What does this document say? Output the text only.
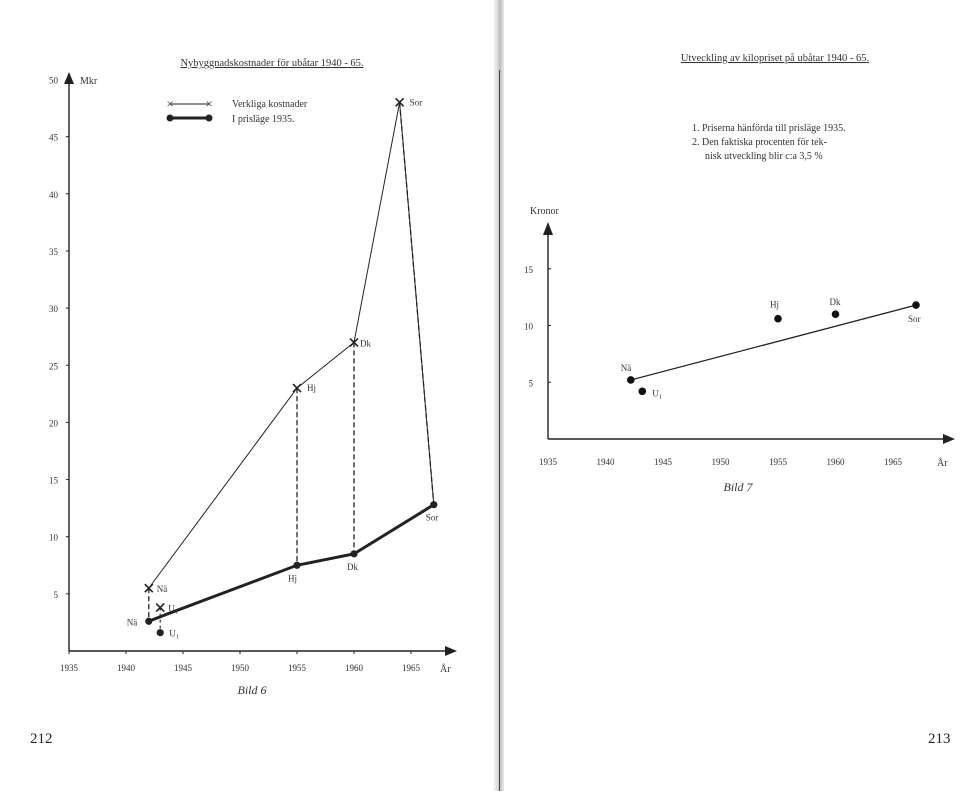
Nybyggnadskostnader för ubåtar 1940 - 65.
Mkr
År
5
10
15
20
25
30
35
40
45
50
1935	1940	1945	1950	1955	1960	1965
× × Verkliga kostnader
I prisläge 1935.
Nä
$U_1$
Hj
Dk
Sor
Nä
$U_1$
Hj
Dk
Sor
Bild 6
212
Utveckling av kilopriset på ubåtar 1940 - 65.
1. Priserna hänförda till prisläge 1935.
2. Den faktiska procenten för tek-
nisk utveckling blir c:a 3,5 %
Kronor
År
5
10
15
1935	1940	1945	1950	1955	1960	1965
Nä
$U_1$
Hj	Dk
Sor
Bild 7
213
